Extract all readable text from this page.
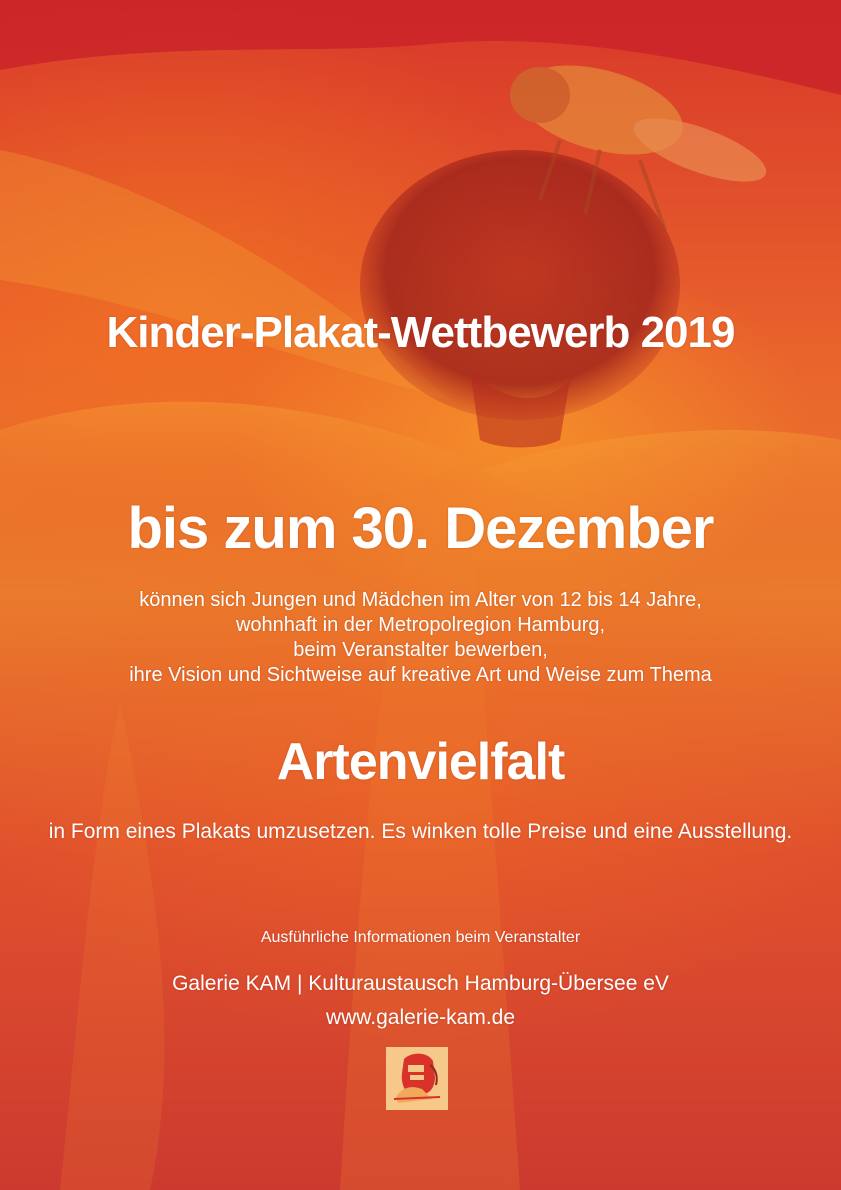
Kinder-Plakat-Wettbewerb 2019
bis zum 30. Dezember

können sich Jungen und Mädchen im Alter von 12 bis 14 Jahre,
wohnhaft in der Metropolregion Hamburg,
beim Veranstalter bewerben,
ihre Vision und Sichtweise auf kreative Art und Weise zum Thema

Artenvielfalt

in Form eines Plakats umzusetzen. Es winken tolle Preise und eine Ausstellung.

Ausführliche Informationen beim Veranstalter

Galerie KAM | Kulturaustausch Hamburg-Übersee eV

www.galerie-kam.de
